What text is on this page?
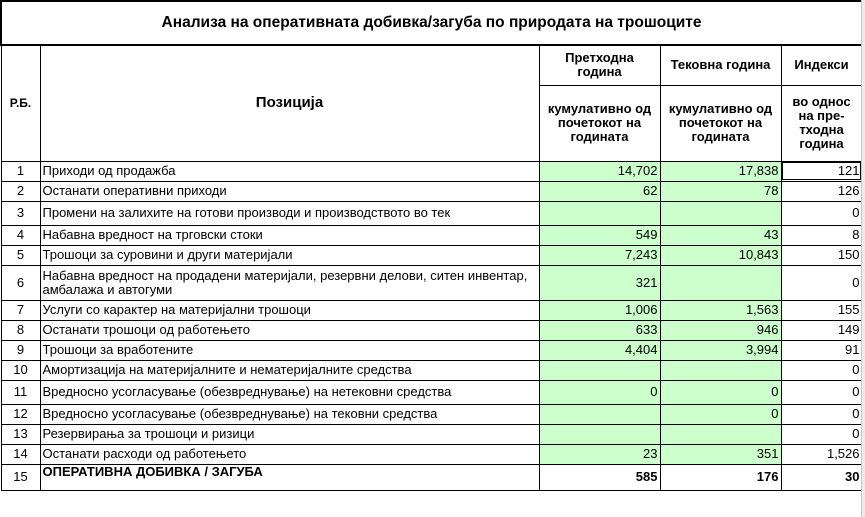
Анализа на оперативната добивка/загуба по природата на трошоците				
Р.Б.	Позиција	Претходна година	Тековна година	Индекси
		кумулативно од почетокот на годината	кумулативно од почетокот на годината	во однос на пре-тходна година
1	Приходи од продажба	14,702	17,838	121
2	Останати оперативни приходи	62	78	126
3	Промени на залихите на готови производи и производството во тек			0
4	Набавна вредност на трговски стоки	549	43	8
5	Трошоци за суровини и други материјали	7,243	10,843	150
6	Набавна вредност на продадени материјали, резервни делови, ситен инвентар, амбалажа и автогуми	321		0
7	Услуги со карактер на материјални трошоци	1,006	1,563	155
8	Останати трошоци од работењето	633	946	149
9	Трошоци за вработените	4,404	3,994	91
10	Амортизација на материјалните и нематеријалните средства			0
11	Вредносно усогласување (обезвреднување) на нетековни средства	0	0	0
12	Вредносно усогласување (обезвреднување) на тековни средства		0	0
13	Резервирања за трошоци и ризици			0
14	Останати расходи од работењето	23	351	1,526
15	ОПЕРАТИВНА ДОБИВКА / ЗАГУБА	585	176	30
